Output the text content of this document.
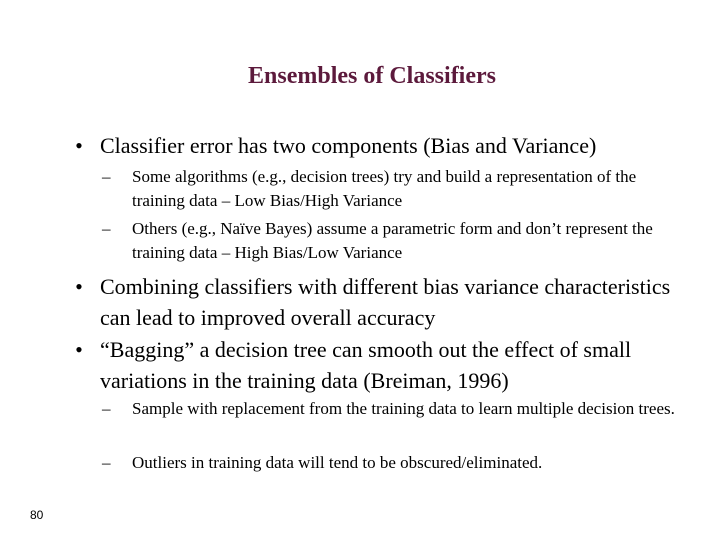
Ensembles of Classifiers
• Classifier error has two components (Bias and Variance)
– Some algorithms (e.g., decision trees) try and build a representation of the training data – Low Bias/High Variance
– Others (e.g., Naïve Bayes) assume a parametric form and don’t represent the training data – High Bias/Low Variance
• Combining classifiers with different bias variance characteristics can lead to improved overall accuracy
• “Bagging” a decision tree can smooth out the effect of small variations in the training data (Breiman, 1996)
– Sample with replacement from the training data to learn multiple decision trees.
– Outliers in training data will tend to be obscured/eliminated.
80
